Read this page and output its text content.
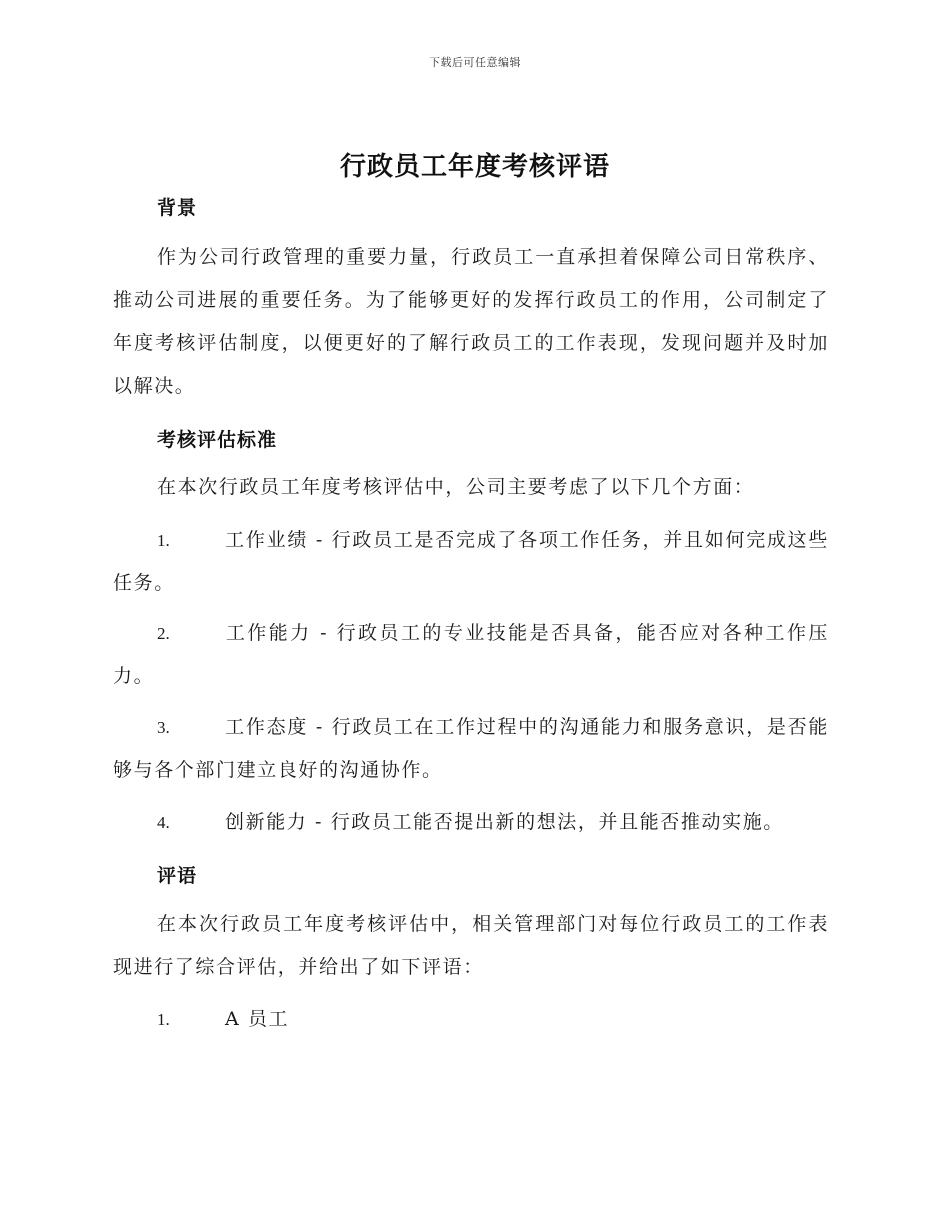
下载后可任意编辑
行政员工年度考核评语
背景

作为公司行政管理的重要力量，行政员工一直承担着保障公司日常秩序、推动公司进展的重要任务。为了能够更好的发挥行政员工的作用，公司制定了年度考核评估制度，以便更好的了解行政员工的工作表现，发现问题并及时加以解决。

考核评估标准

在本次行政员工年度考核评估中，公司主要考虑了以下几个方面：

1.	工作业绩 - 行政员工是否完成了各项工作任务，并且如何完成这些任务。

2.	工作能力 - 行政员工的专业技能是否具备，能否应对各种工作压力。

3.	工作态度 - 行政员工在工作过程中的沟通能力和服务意识，是否能够与各个部门建立良好的沟通协作。

4.	创新能力 - 行政员工能否提出新的想法，并且能否推动实施。

评语

在本次行政员工年度考核评估中，相关管理部门对每位行政员工的工作表现进行了综合评估，并给出了如下评语：

1.	A 员工
